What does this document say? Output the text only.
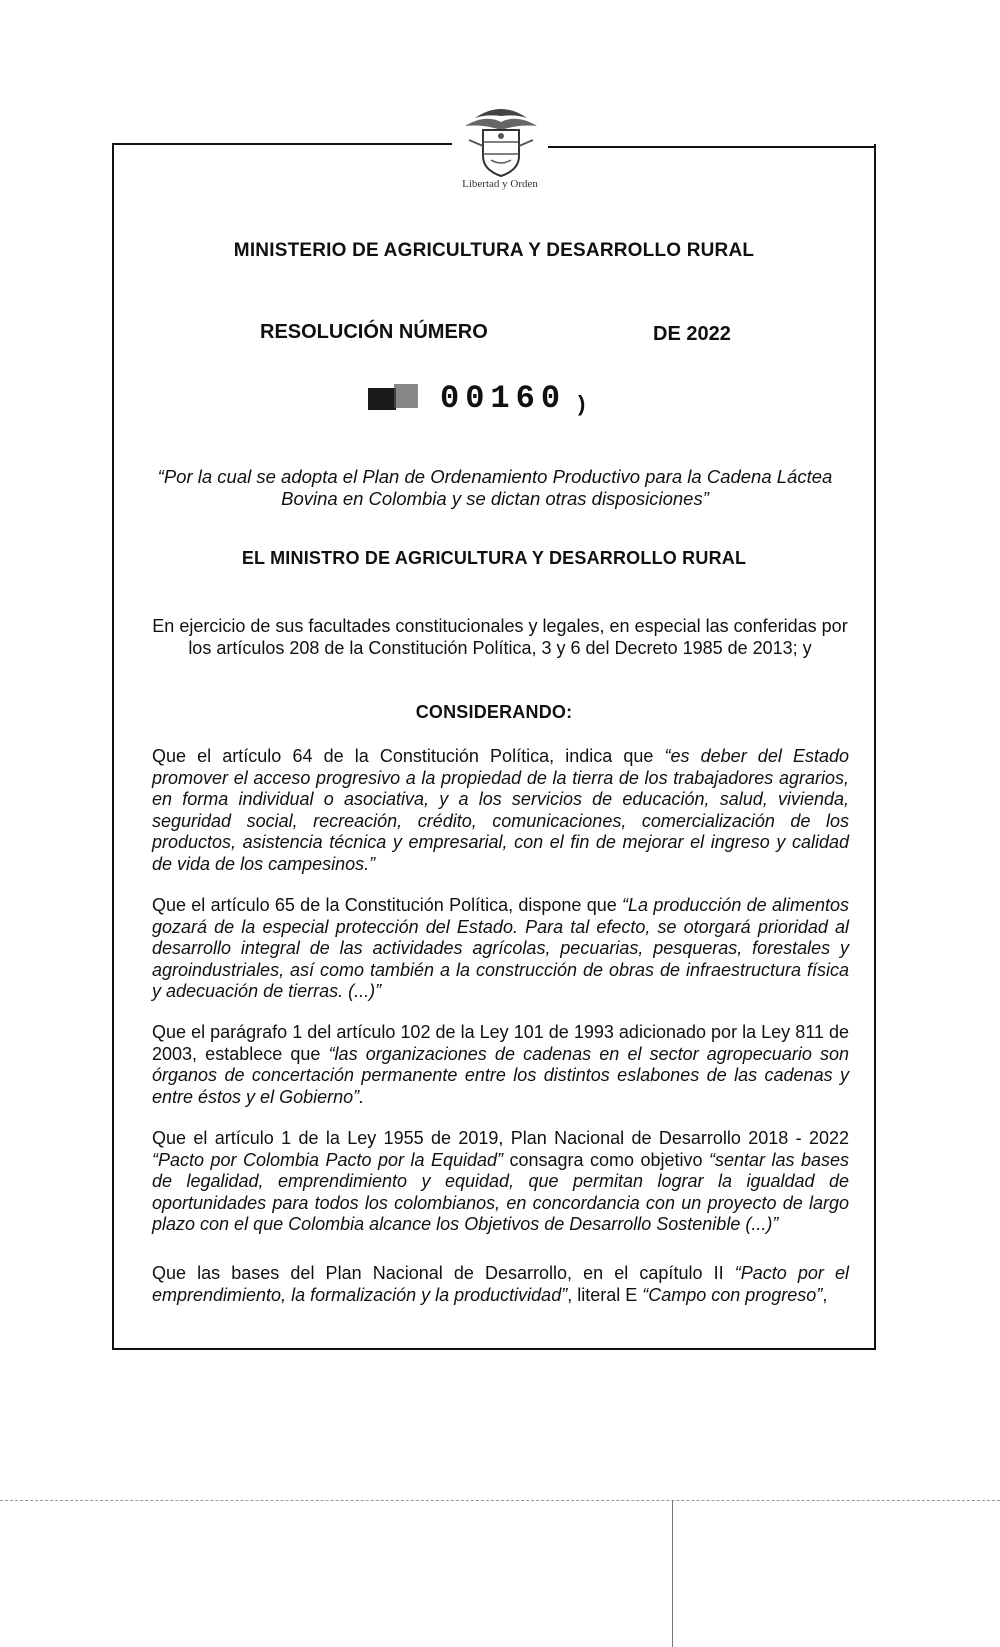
Libertad y Orden
MINISTERIO DE AGRICULTURA Y DESARROLLO RURAL
RESOLUCIÓN NÚMERO	DE 2022
00160 )
“Por la cual se adopta el Plan de Ordenamiento Productivo para la Cadena Láctea Bovina en Colombia y se dictan otras disposiciones”
EL MINISTRO DE AGRICULTURA Y DESARROLLO RURAL
En ejercicio de sus facultades constitucionales y legales, en especial las conferidas por los artículos 208 de la Constitución Política, 3 y 6 del Decreto 1985 de 2013; y
CONSIDERANDO:
Que el artículo 64 de la Constitución Política, indica que “es deber del Estado promover el acceso progresivo a la propiedad de la tierra de los trabajadores agrarios, en forma individual o asociativa, y a los servicios de educación, salud, vivienda, seguridad social, recreación, crédito, comunicaciones, comercialización de los productos, asistencia técnica y empresarial, con el fin de mejorar el ingreso y calidad de vida de los campesinos.”
Que el artículo 65 de la Constitución Política, dispone que “La producción de alimentos gozará de la especial protección del Estado. Para tal efecto, se otorgará prioridad al desarrollo integral de las actividades agrícolas, pecuarias, pesqueras, forestales y agroindustriales, así como también a la construcción de obras de infraestructura física y adecuación de tierras. (...)”
Que el parágrafo 1 del artículo 102 de la Ley 101 de 1993 adicionado por la Ley 811 de 2003, establece que “las organizaciones de cadenas en el sector agropecuario son órganos de concertación permanente entre los distintos eslabones de las cadenas y entre éstos y el Gobierno”.
Que el artículo 1 de la Ley 1955 de 2019, Plan Nacional de Desarrollo 2018 - 2022 “Pacto por Colombia Pacto por la Equidad” consagra como objetivo “sentar las bases de legalidad, emprendimiento y equidad, que permitan lograr la igualdad de oportunidades para todos los colombianos, en concordancia con un proyecto de largo plazo con el que Colombia alcance los Objetivos de Desarrollo Sostenible (...)”
Que las bases del Plan Nacional de Desarrollo, en el capítulo II “Pacto por el emprendimiento, la formalización y la productividad”, literal E “Campo con progreso”,
